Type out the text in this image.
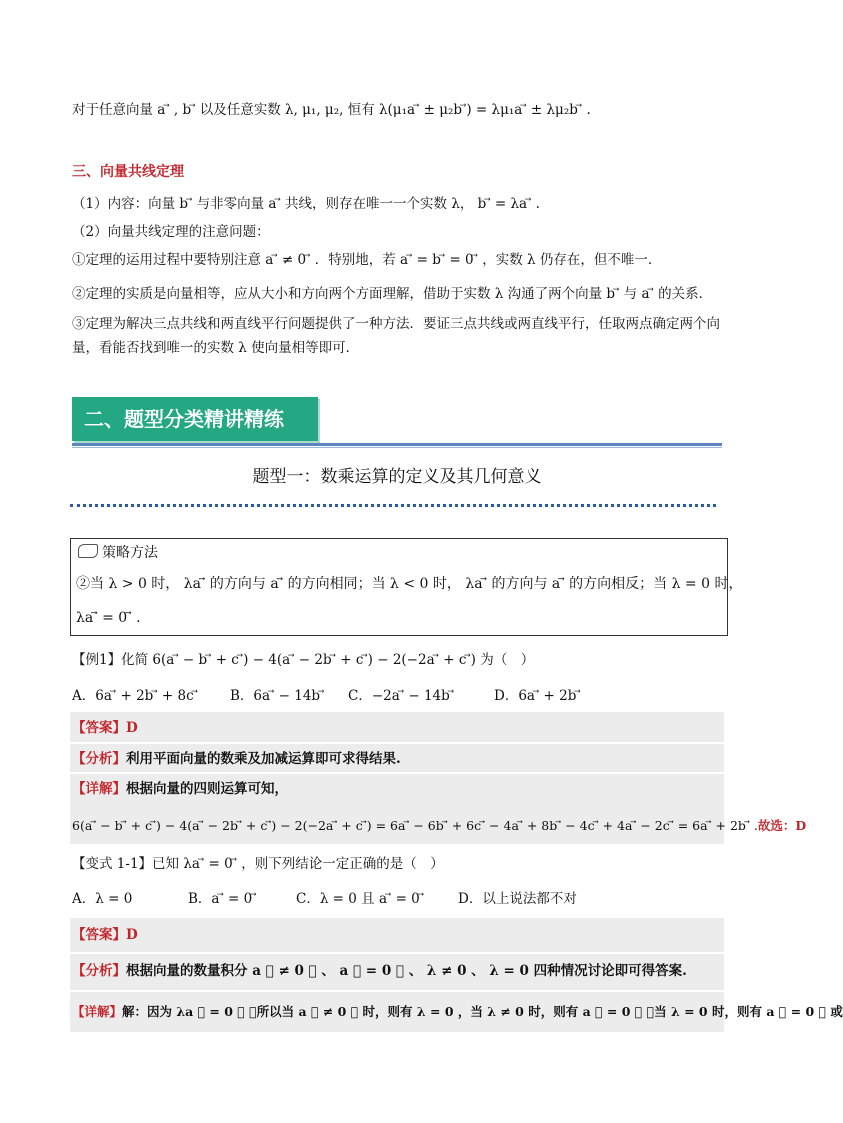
对于任意向量 a ⃗ , b ⃗ 以及任意实数 λ, μ₁, μ₂, 恒有 λ(μ₁a ⃗ ± μ₂b ⃗) = λμ₁a ⃗ ± λμ₂b ⃗ .
三、向量共线定理
（1）内容：向量 b ⃗ 与非零向量 a ⃗ 共线，则存在唯一一个实数 λ， b ⃗ = λa ⃗ .
（2）向量共线定理的注意问题：
①定理的运用过程中要特别注意 a ⃗ ≠ 0 ⃗ ．特别地，若 a ⃗ = b ⃗ = 0 ⃗ ，实数 λ 仍存在，但不唯一．
②定理的实质是向量相等，应从大小和方向两个方面理解，借助于实数 λ 沟通了两个向量 b ⃗ 与 a ⃗ 的关系．
③定理为解决三点共线和两直线平行问题提供了一种方法．要证三点共线或两直线平行，任取两点确定两个向量，看能否找到唯一的实数 λ 使向量相等即可．
二、题型分类精讲精练
题型一：数乘运算的定义及其几何意义
策略方法
②当 λ > 0 时， λa ⃗ 的方向与 a ⃗ 的方向相同；当 λ < 0 时， λa ⃗ 的方向与 a ⃗ 的方向相反；当 λ = 0 时，
λa ⃗ = 0 ⃗ .
【例1】化简 6(a ⃗ − b ⃗ + c ⃗) − 4(a ⃗ − 2b ⃗ + c ⃗) − 2(−2a ⃗ + c ⃗) 为（　）
A．6a ⃗ + 2b ⃗ + 8c ⃗ B．6a ⃗ − 14b ⃗ C．−2a ⃗ − 14b ⃗	D．6a ⃗ + 2b ⃗
【答案】D
【分析】利用平面向量的数乘及加减运算即可求得结果.
【详解】根据向量的四则运算可知，
6(a ⃗ − b ⃗ + c ⃗) − 4(a ⃗ − 2b ⃗ + c ⃗) − 2(−2a ⃗ + c ⃗) = 6a ⃗ − 6b ⃗ + 6c ⃗ − 4a ⃗ + 8b ⃗ − 4c ⃗ + 4a ⃗ − 2c ⃗ = 6a ⃗ + 2b ⃗ .故选：D
【变式 1-1】已知 λa ⃗ = 0 ⃗ ，则下列结论一定正确的是（　）
A．λ = 0	B．a ⃗ = 0 ⃗	C．λ = 0 且 a ⃗ = 0 ⃗	D．以上说法都不对
【答案】D
【分析】根据向量的数量积分 a ⃗ ≠ 0 ⃗ 、 a ⃗ = 0 ⃗ 、 λ ≠ 0 、 λ = 0 四种情况讨论即可得答案.
【详解】解：因为 λa ⃗ = 0 ⃗ ，所以当 a ⃗ ≠ 0 ⃗ 时，则有 λ = 0 ，当 λ ≠ 0 时，则有 a ⃗ = 0 ⃗ ，当 λ = 0 时，则有 a ⃗ = 0 ⃗ 或
